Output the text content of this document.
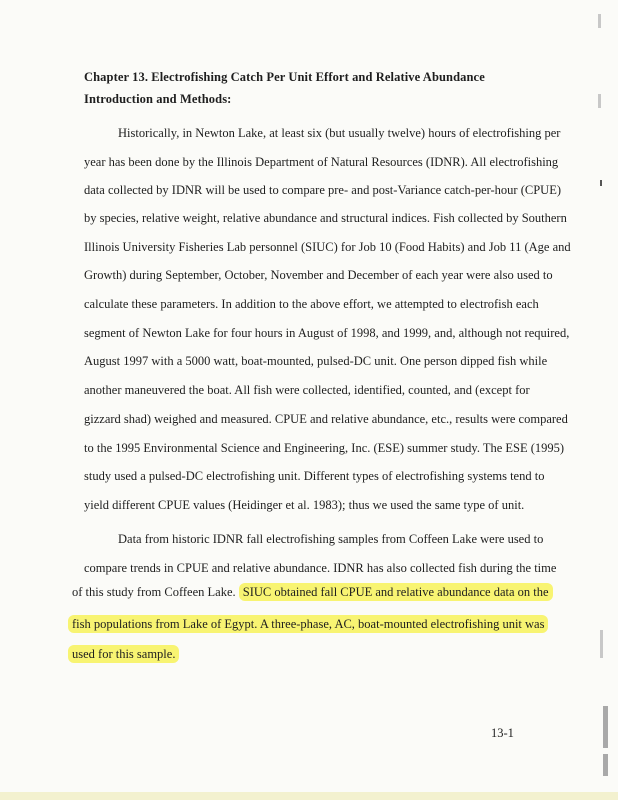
Chapter 13. Electrofishing Catch Per Unit Effort and Relative Abundance
Introduction and Methods:
Historically, in Newton Lake, at least six (but usually twelve) hours of electrofishing per
year has been done by the Illinois Department of Natural Resources (IDNR). All electrofishing
data collected by IDNR will be used to compare pre- and post-Variance catch-per-hour (CPUE)
by species, relative weight, relative abundance and structural indices. Fish collected by Southern
Illinois University Fisheries Lab personnel (SIUC) for Job 10 (Food Habits) and Job 11 (Age and
Growth) during September, October, November and December of each year were also used to
calculate these parameters. In addition to the above effort, we attempted to electrofish each
segment of Newton Lake for four hours in August of 1998, and 1999, and, although not required,
August 1997 with a 5000 watt, boat-mounted, pulsed-DC unit. One person dipped fish while
another maneuvered the boat. All fish were collected, identified, counted, and (except for
gizzard shad) weighed and measured. CPUE and relative abundance, etc., results were compared
to the 1995 Environmental Science and Engineering, Inc. (ESE) summer study. The ESE (1995)
study used a pulsed-DC electrofishing unit. Different types of electrofishing systems tend to
yield different CPUE values (Heidinger et al. 1983); thus we used the same type of unit.
Data from historic IDNR fall electrofishing samples from Coffeen Lake were used to
compare trends in CPUE and relative abundance. IDNR has also collected fish during the time
of this study from Coffeen Lake. SIUC obtained fall CPUE and relative abundance data on the
fish populations from Lake of Egypt. A three-phase, AC, boat-mounted electrofishing unit was
used for this sample.
13-1
